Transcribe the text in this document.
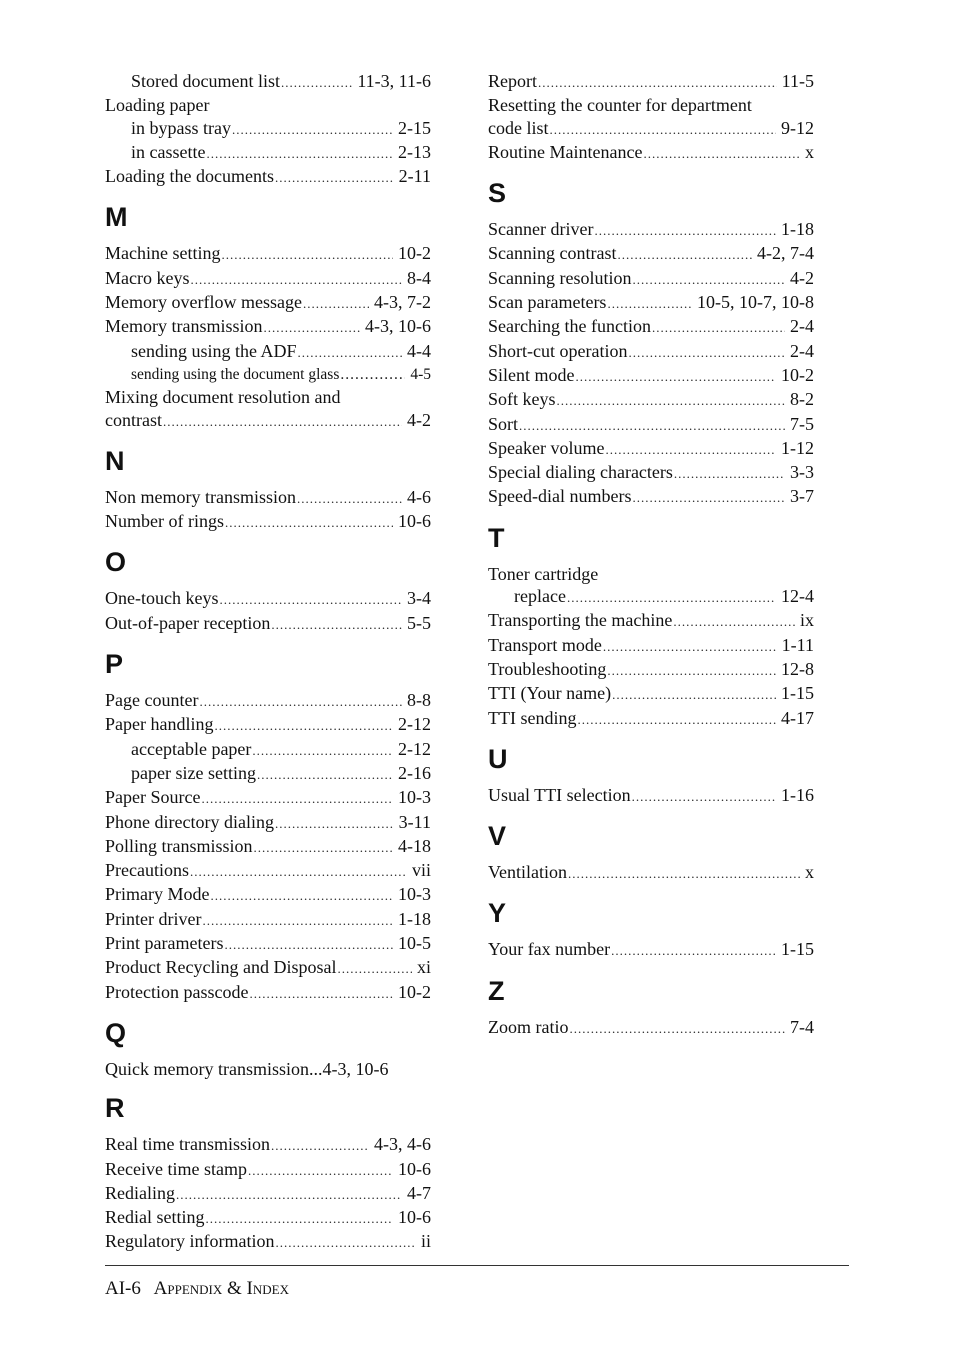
Stored document list .....	11-3, 11-6
Loading paper
in bypass tray .....	2-15
in cassette .....	2-13
Loading the documents .....	2-11
M
Machine setting .....	10-2
Macro keys .....	8-4
Memory overflow message .....	4-3, 7-2
Memory transmission .....	4-3, 10-6
sending using the ADF .....	4-4
sending using the document glass .....	4-5
Mixing document resolution and
contrast .....	4-2
N
Non memory transmission .....	4-6
Number of rings .....	10-6
O
One-touch keys .....	3-4
Out-of-paper reception .....	5-5
P
Page counter .....	8-8
Paper handling .....	2-12
acceptable paper .....	2-12
paper size setting .....	2-16
Paper Source .....	10-3
Phone directory dialing .....	3-11
Polling transmission .....	4-18
Precautions .....	vii
Primary Mode .....	10-3
Printer driver .....	1-18
Print parameters .....	10-5
Product Recycling and Disposal .....	xi
Protection passcode .....	10-2
Q
Quick memory transmission...4-3, 10-6
R
Real time transmission .....	4-3, 4-6
Receive time stamp .....	10-6
Redialing .....	4-7
Redial setting .....	10-6
Regulatory information .....	ii
Report .....	11-5
Resetting the counter for department
code list .....	9-12
Routine Maintenance .....	x
S
Scanner driver .....	1-18
Scanning contrast .....	4-2, 7-4
Scanning resolution .....	4-2
Scan parameters .....	10-5, 10-7, 10-8
Searching the function .....	2-4
Short-cut operation .....	2-4
Silent mode .....	10-2
Soft keys .....	8-2
Sort .....	7-5
Speaker volume .....	1-12
Special dialing characters .....	3-3
Speed-dial numbers .....	3-7
T
Toner cartridge
replace .....	12-4
Transporting the machine .....	ix
Transport mode .....	1-11
Troubleshooting .....	12-8
TTI (Your name) .....	1-15
TTI sending .....	4-17
U
Usual TTI selection .....	1-16
V
Ventilation .....	x
Y
Your fax number .....	1-15
Z
Zoom ratio .....	7-4
AI-6 Appendix & Index
